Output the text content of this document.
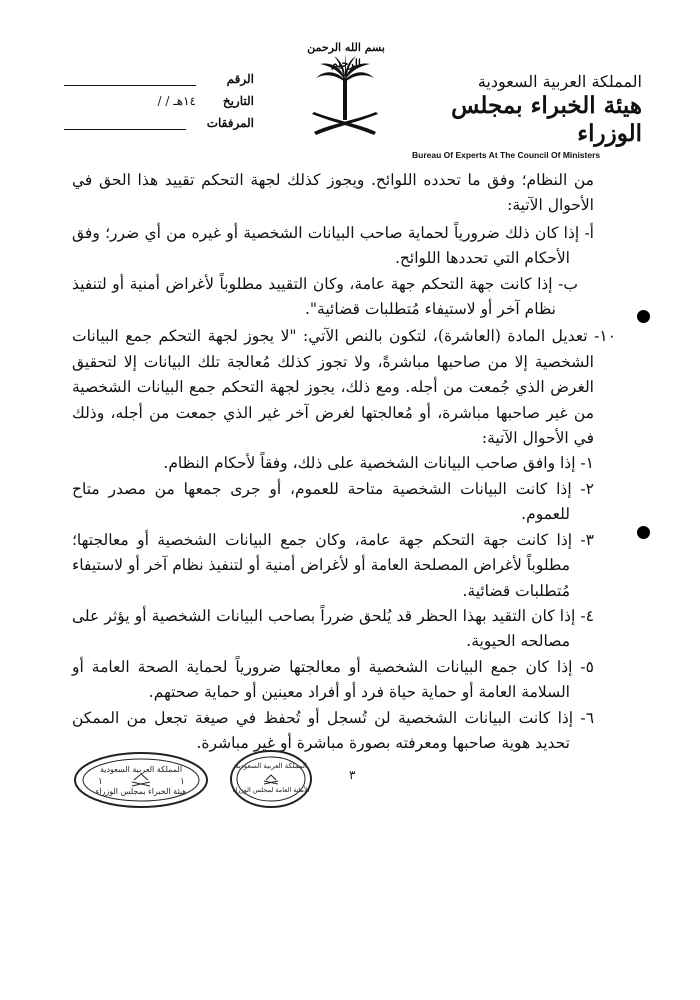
بسم الله الرحمن الرحيم
المملكة العربية السعودية
هيئة الخبراء بمجلس الوزراء
Bureau Of Experts At The Council Of Ministers
الرقم
التاريخ
/ / ١٤هـ
المرفقات

من النظام؛ وفق ما تحدده اللوائح. ويجوز كذلك لجهة التحكم تقييد هذا الحق في الأحوال الآتية:

أ- إذا كان ذلك ضرورياً لحماية صاحب البيانات الشخصية أو غيره من أي ضرر؛ وفق الأحكام التي تحددها اللوائح.

ب- إذا كانت جهة التحكم جهة عامة، وكان التقييد مطلوباً لأغراض أمنية أو لتنفيذ نظام آخر أو لاستيفاء مُتطلبات قضائية".

١٠- تعديل المادة (العاشرة)، لتكون بالنص الآتي: "لا يجوز لجهة التحكم جمع البيانات الشخصية إلا من صاحبها مباشرةً، ولا تجوز كذلك مُعالجة تلك البيانات إلا لتحقيق الغرض الذي جُمعت من أجله. ومع ذلك، يجوز لجهة التحكم جمع البيانات الشخصية من غير صاحبها مباشرة، أو مُعالجتها لغرض آخر غير الذي جمعت من أجله، وذلك في الأحوال الآتية:

١- إذا وافق صاحب البيانات الشخصية على ذلك، وفقاً لأحكام النظام.

٢- إذا كانت البيانات الشخصية متاحة للعموم، أو جرى جمعها من مصدر متاح للعموم.

٣- إذا كانت جهة التحكم جهة عامة، وكان جمع البيانات الشخصية أو معالجتها؛ مطلوباً لأغراض المصلحة العامة أو لأغراض أمنية أو لتنفيذ نظام آخر أو لاستيفاء مُتطلبات قضائية.

٤- إذا كان التقيد بهذا الحظر قد يُلحق ضرراً بصاحب البيانات الشخصية أو يؤثر على مصالحه الحيوية.

٥- إذا كان جمع البيانات الشخصية أو معالجتها ضرورياً لحماية الصحة العامة أو السلامة العامة أو حماية حياة فرد أو أفراد معينين أو حماية صحتهم.

٦- إذا كانت البيانات الشخصية لن تُسجل أو تُحفظ في صيغة تجعل من الممكن تحديد هوية صاحبها ومعرفته بصورة مباشرة أو غير مباشرة.

٣
المملكة العربية السعودية
هيئة الخبراء بمجلس الوزراء
١	١
المملكة العربية السعودية
الأمانة العامة لمجلس الوزراء
